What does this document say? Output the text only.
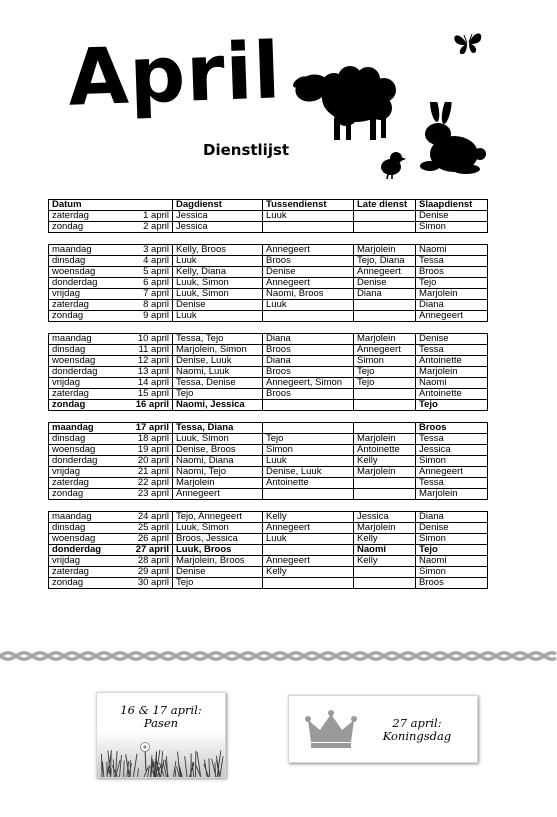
April
Dienstlijst
Datum		Dagdienst	Tussendienst	Late dienst	Slaapdienst
zaterdag	1 april	Jessica	Luuk		Denise
zondag	2 april	Jessica			Simon

maandag	3 april	Kelly, Broos	Annegeert	Marjolein	Naomi
dinsdag	4 april	Luuk	Broos	Tejo, Diana	Tessa
woensdag	5 april	Kelly, Diana	Denise	Annegeert	Broos
donderdag	6 april	Luuk, Simon	Annegeert	Denise	Tejo
vrijdag	7 april	Luuk, Simon	Naomi, Broos	Diana	Marjolein
zaterdag	8 april	Denise	Luuk		Diana
zondag	9 april	Luuk			Annegeert

maandag	10 april	Tessa, Tejo	Diana	Marjolein	Denise
dinsdag	11 april	Marjolein, Simon	Broos	Annegeert	Tessa
woensdag	12 april	Denise, Luuk	Diana	Simon	Antoinette
donderdag	13 april	Naomi, Luuk	Broos	Tejo	Marjolein
vrijdag	14 april	Tessa, Denise	Annegeert, Simon	Tejo	Naomi
zaterdag	15 april	Tejo	Broos		Antoinette
zondag	16 april	Naomi, Jessica			Tejo

maandag	17 april	Tessa, Diana			Broos
dinsdag	18 april	Luuk, Simon	Tejo	Marjolein	Tessa
woensdag	19 april	Denise, Broos	Simon	Antoinette	Jessica
donderdag	20 april	Naomi, Diana	Luuk	Kelly	Simon
vrijdag	21 april	Naomi, Tejo	Denise, Luuk	Marjolein	Annegeert
zaterdag	22 april	Marjolein	Antoinette		Tessa
zondag	23 april	Annegeert			Marjolein

maandag	24 april	Tejo, Annegeert	Kelly	Jessica	Diana
dinsdag	25 april	Luuk, Simon	Annegeert	Marjolein	Denise
woensdag	26 april	Broos, Jessica	Luuk	Kelly	Simon
donderdag	27 april	Luuk, Broos		Naomi	Tejo
vrijdag	28 april	Marjolein, Broos	Annegeert	Kelly	Naomi
zaterdag	29 april	Denise	Kelly		Simon
zondag	30 april	Tejo			Broos
16 & 17 april:
Pasen	27 april:
Koningsdag
